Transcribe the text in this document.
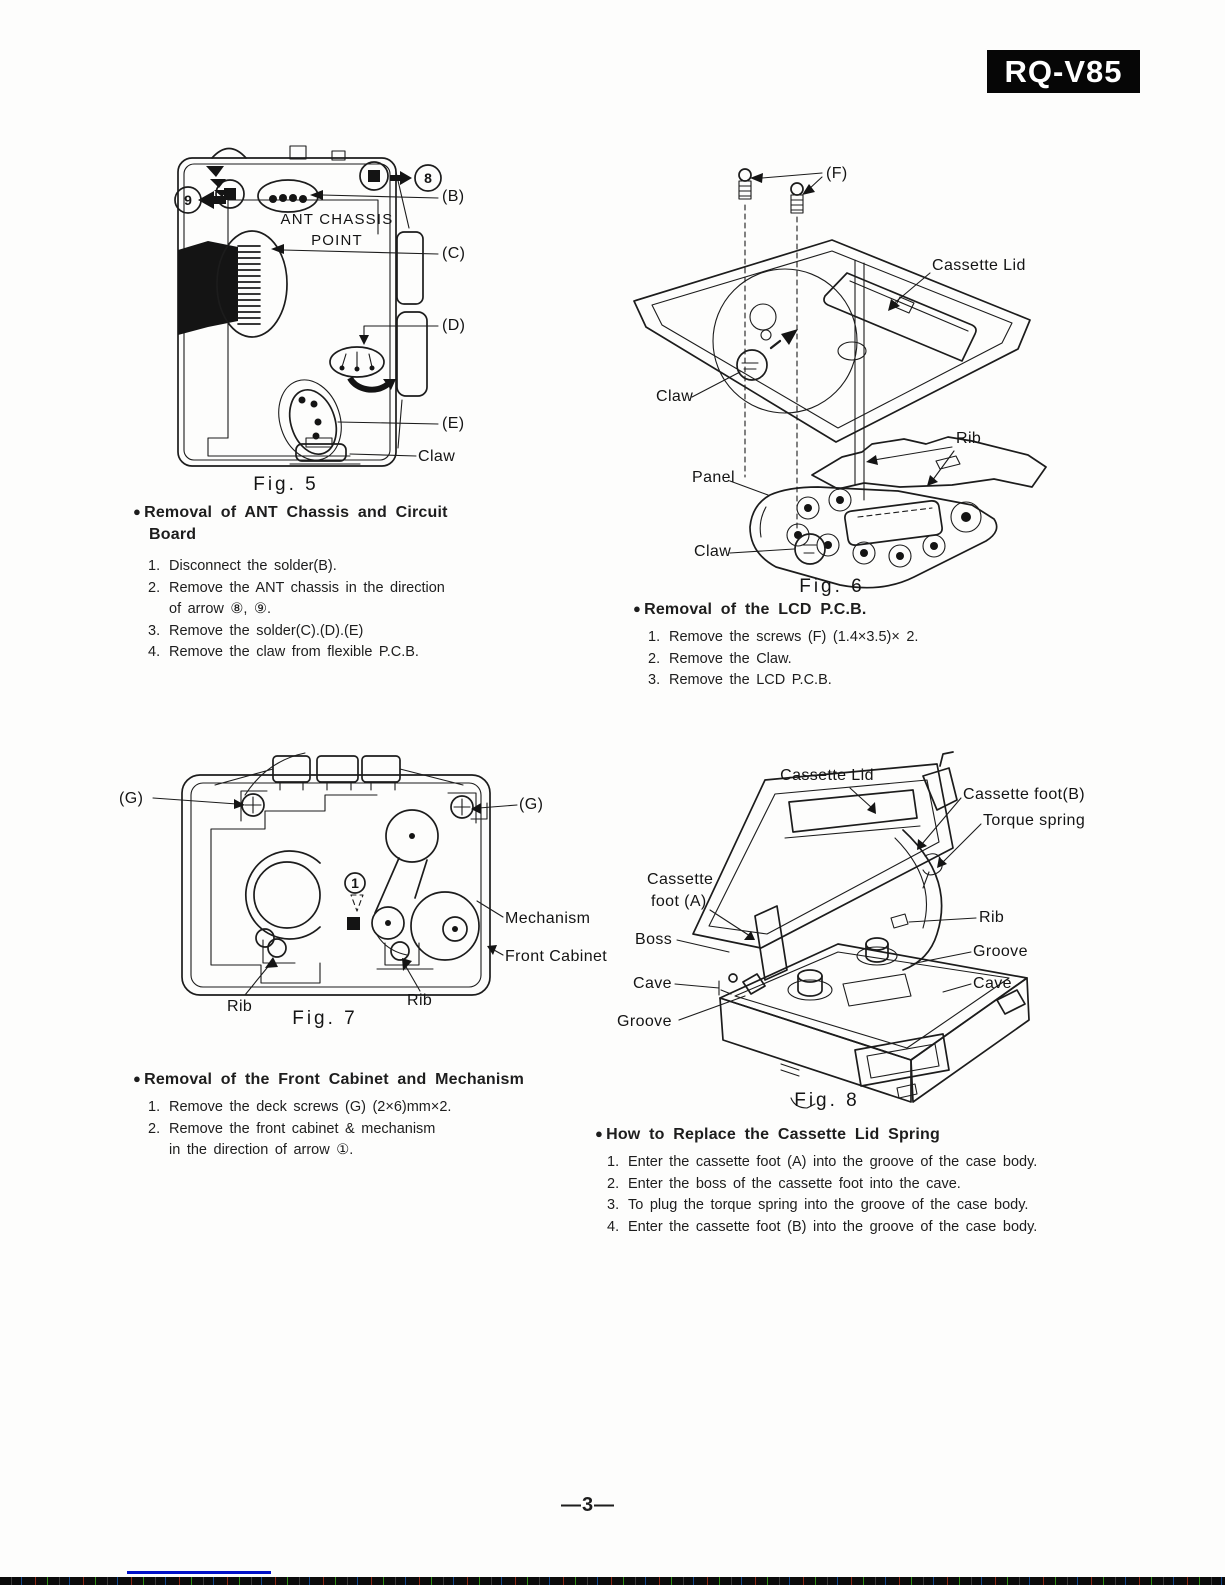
RQ-V85
9
8
ANT CHASSIS
POINT
(B)
(C)
(D)
(E)
Claw
Fig. 5
(F)
Cassette Lid
Claw
Rib
Panel
Claw
Fig. 6
● Removal of ANT Chassis and Circuit
Board
1. Disconnect the solder(B).
2. Remove the ANT chassis in the direction
of arrow ⑧, ⑨.
3. Remove the solder(C).(D).(E)
4. Remove the claw from flexible P.C.B.
● Removal of the LCD P.C.B.
1. Remove the screws (F) (1.4×3.5)× 2.
2. Remove the Claw.
3. Remove the LCD P.C.B.
(G)	(G)
1
Mechanism
Front Cabinet
Rib	Rib
Fig. 7
Cassette Lid
Cassette foot(B)
Torque spring
Cassette
foot (A)
Boss
Cave
Groove
Rib
Groove
Cave
Fig. 8
● Removal of the Front Cabinet and Mechanism
1. Remove the deck screws (G) (2×6)mm×2.
2. Remove the front cabinet & mechanism
in the direction of arrow ①.
● How to Replace the Cassette Lid Spring
1. Enter the cassette foot (A) into the groove of the case body.
2. Enter the boss of the cassette foot into the cave.
3. To plug the torque spring into the groove of the case body.
4. Enter the cassette foot (B) into the groove of the case body.
—3—
